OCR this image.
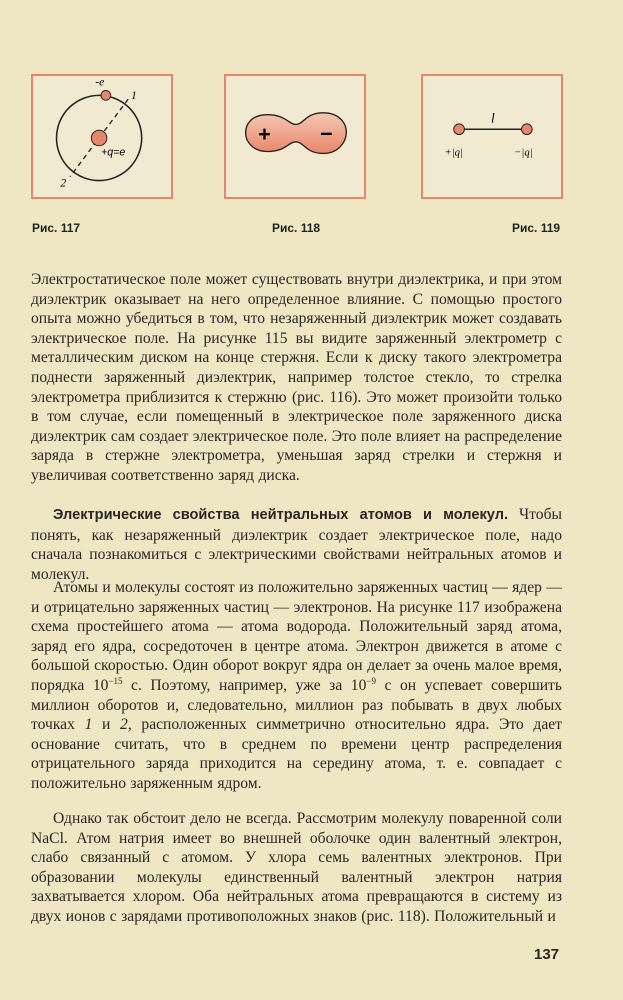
-e
+q=e
1
2
+ −
l
+|q|	−|q|
Рис. 117	Рис. 118	Рис. 119
Электростатическое поле может существовать внутри диэлектрика, и при этом диэлектрик оказывает на него определенное влияние. С помощью простого опыта можно убедиться в том, что незаряженный диэлектрик может создавать электрическое поле. На рисунке 115 вы видите заряженный электрометр с металлическим диском на конце стержня. Если к диску такого электрометра поднести заряженный диэлектрик, например толстое стекло, то стрелка электрометра приблизится к стержню (рис. 116). Это может произойти только в том случае, если помещенный в электрическое поле заряженного диска диэлектрик сам создает электрическое поле. Это поле влияет на распределение заряда в стержне электрометра, уменьшая заряд стрелки и стержня и увеличивая соответственно заряд диска.
Электрические свойства нейтральных атомов и молекул. Чтобы понять, как незаряженный диэлектрик создает электрическое поле, надо сначала познакомиться с электрическими свойствами нейтральных атомов и молекул.
Атомы и молекулы состоят из положительно заряженных частиц — ядер — и отрицательно заряженных частиц — электронов. На рисунке 117 изображена схема простейшего атома — атома водорода. Положительный заряд атома, заряд его ядра, сосредоточен в центре атома. Электрон движется в атоме с большой скоростью. Один оборот вокруг ядра он делает за очень малое время, порядка $10^{-15}$ с. Поэтому, например, уже за $10^{-9}$ с он успевает совершить миллион оборотов и, следовательно, миллион раз побывать в двух любых точках 1 и 2, расположенных симметрично относительно ядра. Это дает основание считать, что в среднем по времени центр распределения отрицательного заряда приходится на середину атома, т. е. совпадает с положительно заряженным ядром.
Однако так обстоит дело не всегда. Рассмотрим молекулу поваренной соли NaCl. Атом натрия имеет во внешней оболочке один валентный электрон, слабо связанный с атомом. У хлора семь валентных электронов. При образовании молекулы единственный валентный электрон натрия захватывается хлором. Оба нейтральных атома превращаются в систему из двух ионов с зарядами противоположных знаков (рис. 118). Положительный и
137
